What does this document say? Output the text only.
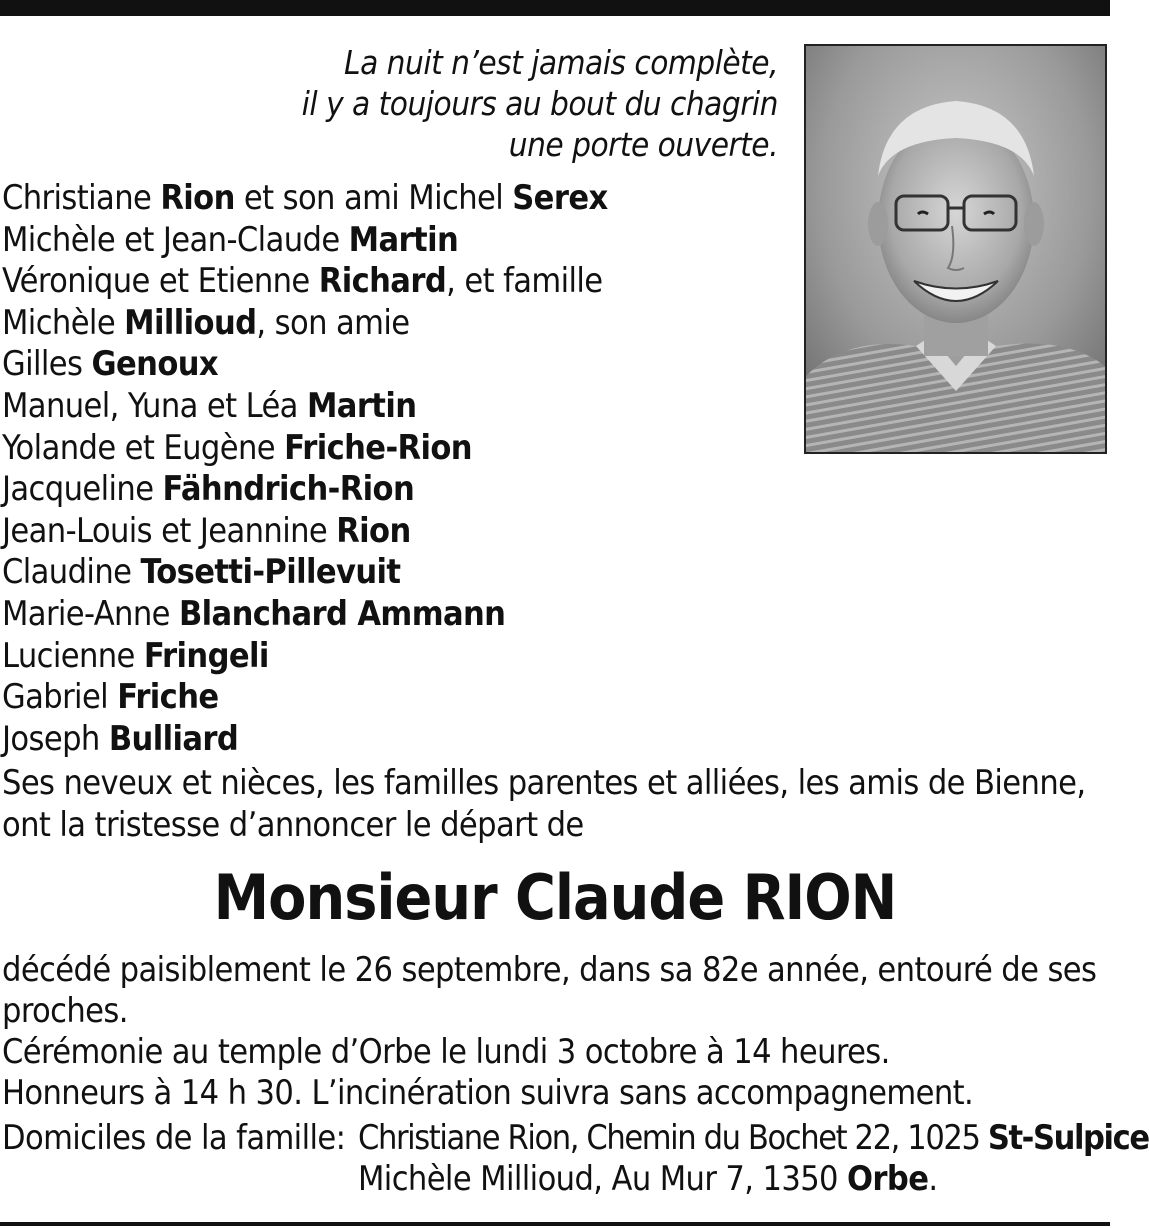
La nuit n’est jamais complète,
il y a toujours au bout du chagrin
une porte ouverte.
Christiane Rion et son ami Michel Serex
Michèle et Jean-Claude Martin
Véronique et Etienne Richard, et famille
Michèle Millioud, son amie
Gilles Genoux
Manuel, Yuna et Léa Martin
Yolande et Eugène Friche-Rion
Jacqueline Fähndrich-Rion
Jean-Louis et Jeannine Rion
Claudine Tosetti-Pillevuit
Marie-Anne Blanchard Ammann
Lucienne Fringeli
Gabriel Friche
Joseph Bulliard
Ses neveux et nièces, les familles parentes et alliées, les amis de Bienne,
ont la tristesse d’annoncer le départ de
Monsieur Claude RION
décédé paisiblement le 26 septembre, dans sa 82e année, entouré de ses
proches.
Cérémonie au temple d’Orbe le lundi 3 octobre à 14 heures.
Honneurs à 14 h 30. L’incinération suivra sans accompagnement.
Domiciles de la famille: Christiane Rion, Chemin du Bochet 22, 1025 St-Sulpice
Michèle Millioud, Au Mur 7, 1350 Orbe.
